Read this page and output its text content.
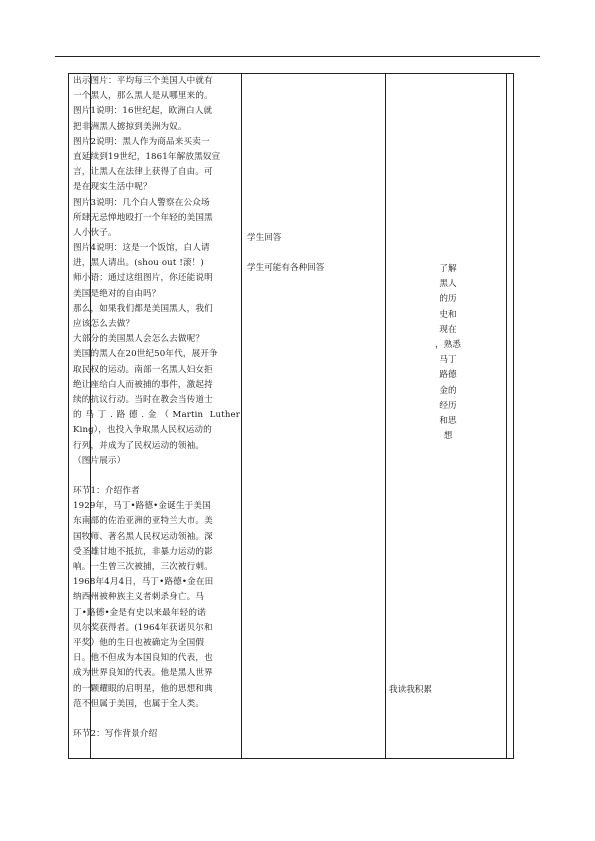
出示图片：平均每三个美国人中就有
一个黑人，那么黑人是从哪里来的。
图片1说明：16世纪起，欧洲白人就
把非洲黑人掳掠到美洲为奴。
图片2说明：黑人作为商品来买卖一
直延续到19世纪，1861年解放黑奴宣
言，让黑人在法律上获得了自由。可
是在现实生活中呢？
图片3说明：几个白人警察在公众场
所肆无忌惮地殴打一个年轻的美国黑
人小伙子。
图片4说明：这是一个饭馆，白人请
进，黑人请出。(shou out !滚！)
师小语：通过这组图片，你还能说明
美国是绝对的自由吗？
那么，如果我们都是美国黑人，我们
应该怎么去做？
大部分的美国黑人会怎么去做呢？
美国的黑人在20世纪50年代，展开争
取民权的运动。南部一名黑人妇女拒
绝让座给白人而被捕的事件，激起持
续的抗议行动。当时在教会当传道士
的马丁.路德.金（Martin Luther
King），也投入争取黑人民权运动的
行列，并成为了民权运动的领袖。
（图片展示）
环节1：介绍作者
1929年，马丁•路德•金诞生于美国
东南部的佐治亚洲的亚特兰大市。美
国牧师、著名黑人民权运动领袖。深
受圣雄甘地不抵抗，非暴力运动的影
响。一生曾三次被捕，三次被行刺。
1968年4月4日，马丁•路德•金在田
纳西州被种族主义者刺杀身亡。马
丁•路德•金是有史以来最年轻的诺
贝尔奖获得者。(1964年获诺贝尔和
平奖）他的生日也被确定为全国假
日。他不但成为本国良知的代表，也
成为世界良知的代表。他是黑人世界
的一颗耀眼的启明星，他的思想和典
范不但属于美国，也属于全人类。
环节2：写作背景介绍
学生回答
学生可能有各种回答	了解
黑人
的历
史和
现在
，熟悉
马丁
路德
金的
经历
和思
想
我读我积累
